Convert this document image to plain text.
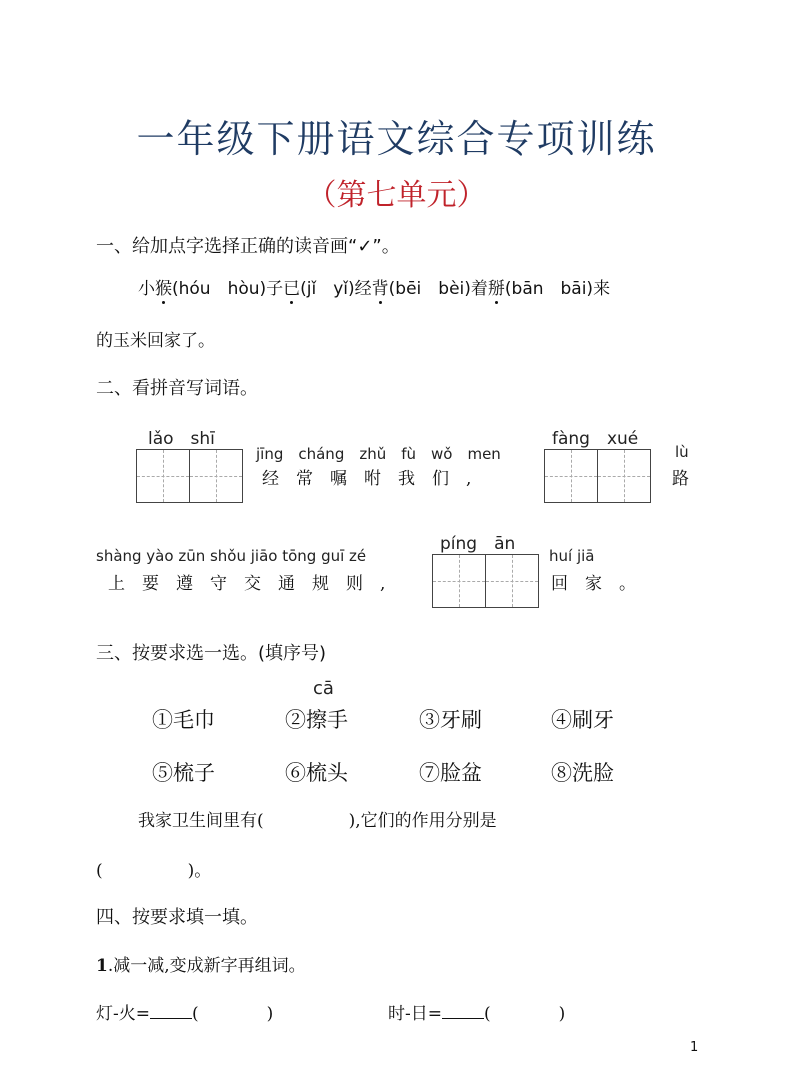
一年级下册语文综合专项训练
（第七单元）
一、给加点字选择正确的读音画“✓”。
小猴(hóu　hòu)子已(jǐ　yǐ)经背(bēi　bèi)着掰(bān　bāi)来
的玉米回家了。
二、看拼音写词语。
lǎo　shī
jīng　cháng　zhǔ　fù　wǒ　men
经　常　嘱　咐　我　们　,
fàng　xué
lù
路
shàng yào zūn shǒu jiāo tōng guī zé
上　要　遵　守　交　通　规　则　,
píng　ān
huí jiā
回　家　。
三、按要求选一选。(填序号)
cā
①毛巾	②擦手	③牙刷	④刷牙
⑤梳子	⑥梳头	⑦脸盆	⑧洗脸
我家卫生间里有(　　　　　),它们的作用分别是
(　　　　　)。
四、按要求填一填。
1.减一减,变成新字再组词。
灯-火= (　　　　)	时-日= (　　　　)
1
